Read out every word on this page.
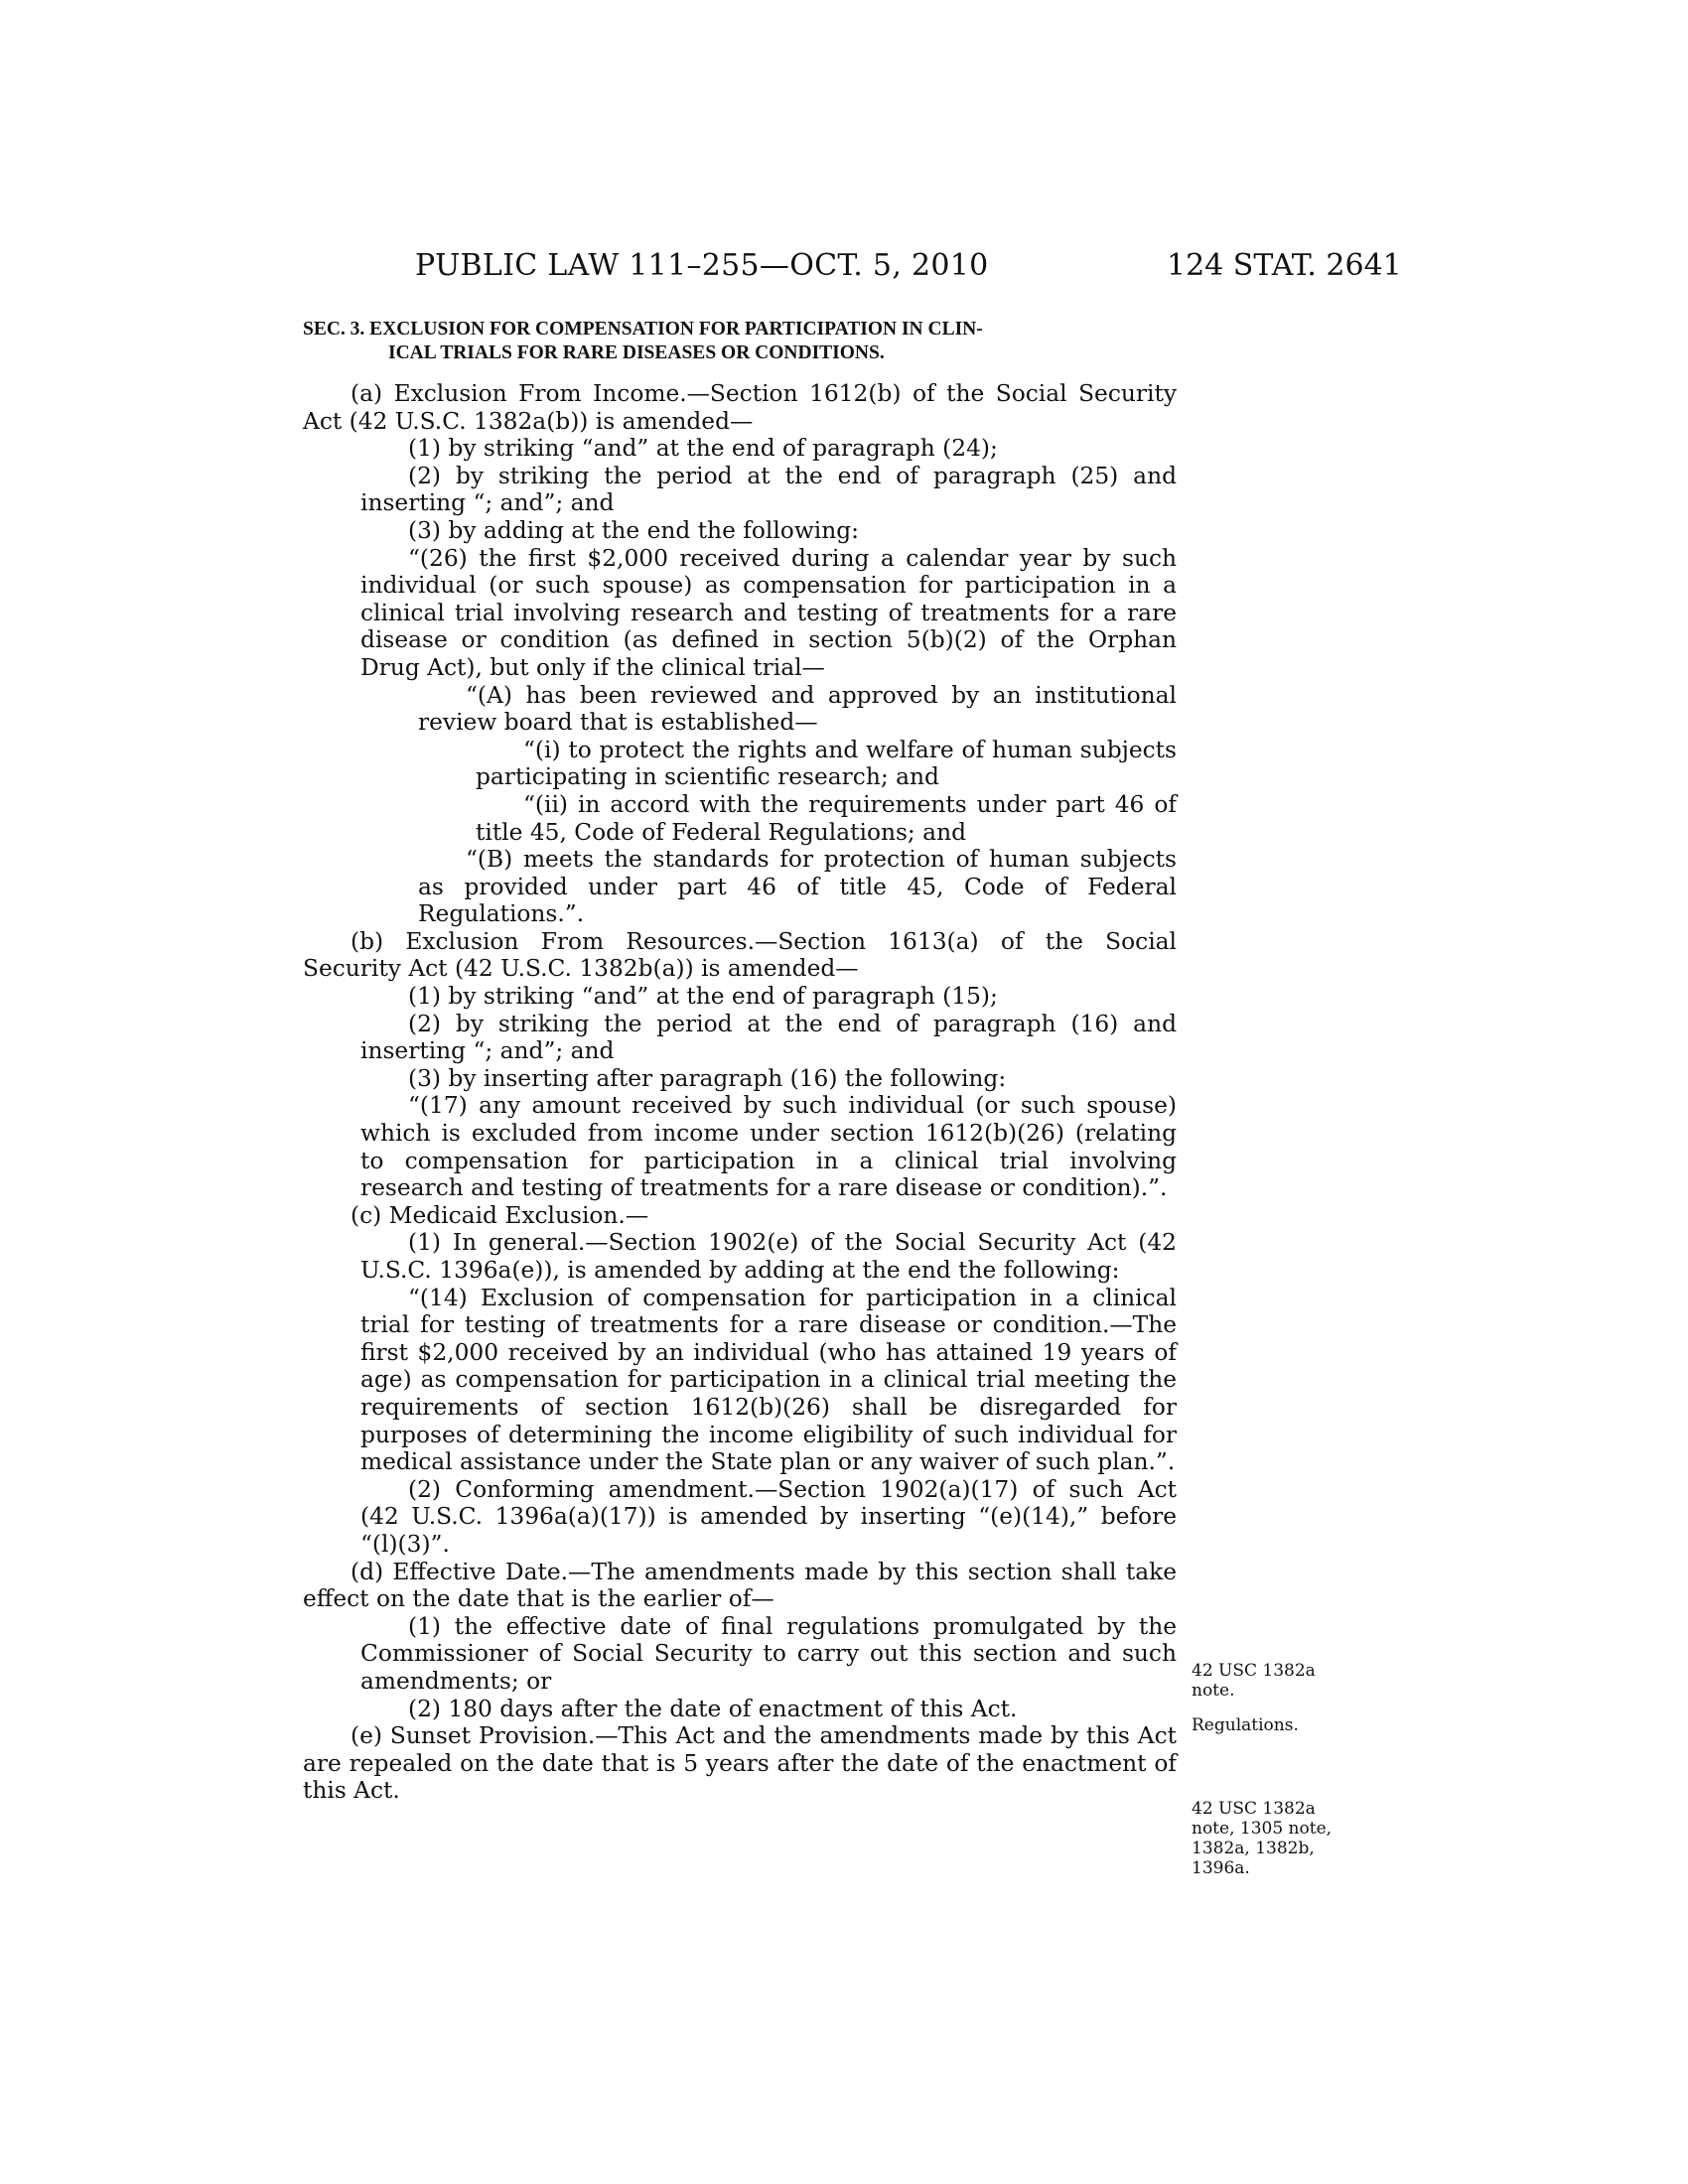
PUBLIC LAW 111–255—OCT. 5, 2010	124 STAT. 2641
SEC. 3. EXCLUSION FOR COMPENSATION FOR PARTICIPATION IN CLIN-
ICAL TRIALS FOR RARE DISEASES OR CONDITIONS.

(a) Exclusion From Income.—Section 1612(b) of the Social Security Act (42 U.S.C. 1382a(b)) is amended—

(1) by striking “and” at the end of paragraph (24);

(2) by striking the period at the end of paragraph (25) and inserting “; and”; and

(3) by adding at the end the following:

“(26) the first $2,000 received during a calendar year by such individual (or such spouse) as compensation for participation in a clinical trial involving research and testing of treatments for a rare disease or condition (as defined in section 5(b)(2) of the Orphan Drug Act), but only if the clinical trial—

“(A) has been reviewed and approved by an institutional review board that is established—

“(i) to protect the rights and welfare of human subjects participating in scientific research; and

“(ii) in accord with the requirements under part 46 of title 45, Code of Federal Regulations; and

“(B) meets the standards for protection of human subjects as provided under part 46 of title 45, Code of Federal Regulations.”.

(b) Exclusion From Resources.—Section 1613(a) of the Social Security Act (42 U.S.C. 1382b(a)) is amended—

(1) by striking “and” at the end of paragraph (15);

(2) by striking the period at the end of paragraph (16) and inserting “; and”; and

(3) by inserting after paragraph (16) the following:

“(17) any amount received by such individual (or such spouse) which is excluded from income under section 1612(b)(26) (relating to compensation for participation in a clinical trial involving research and testing of treatments for a rare disease or condition).”.

(c) Medicaid Exclusion.—

(1) In general.—Section 1902(e) of the Social Security Act (42 U.S.C. 1396a(e)), is amended by adding at the end the following:

“(14) Exclusion of compensation for participation in a clinical trial for testing of treatments for a rare disease or condition.—The first $2,000 received by an individual (who has attained 19 years of age) as compensation for participation in a clinical trial meeting the requirements of section 1612(b)(26) shall be disregarded for purposes of determining the income eligibility of such individual for medical assistance under the State plan or any waiver of such plan.”.

(2) Conforming amendment.—Section 1902(a)(17) of such Act (42 U.S.C. 1396a(a)(17)) is amended by inserting “(e)(14),” before “(l)(3)”.

(d) Effective Date.—The amendments made by this section shall take effect on the date that is the earlier of—

(1) the effective date of final regulations promulgated by the Commissioner of Social Security to carry out this section and such amendments; or

(2) 180 days after the date of enactment of this Act.

(e) Sunset Provision.—This Act and the amendments made by this Act are repealed on the date that is 5 years after the date of the enactment of this Act.

42 USC 1382a note.
Regulations.
42 USC 1382a note, 1305 note, 1382a, 1382b, 1396a.
